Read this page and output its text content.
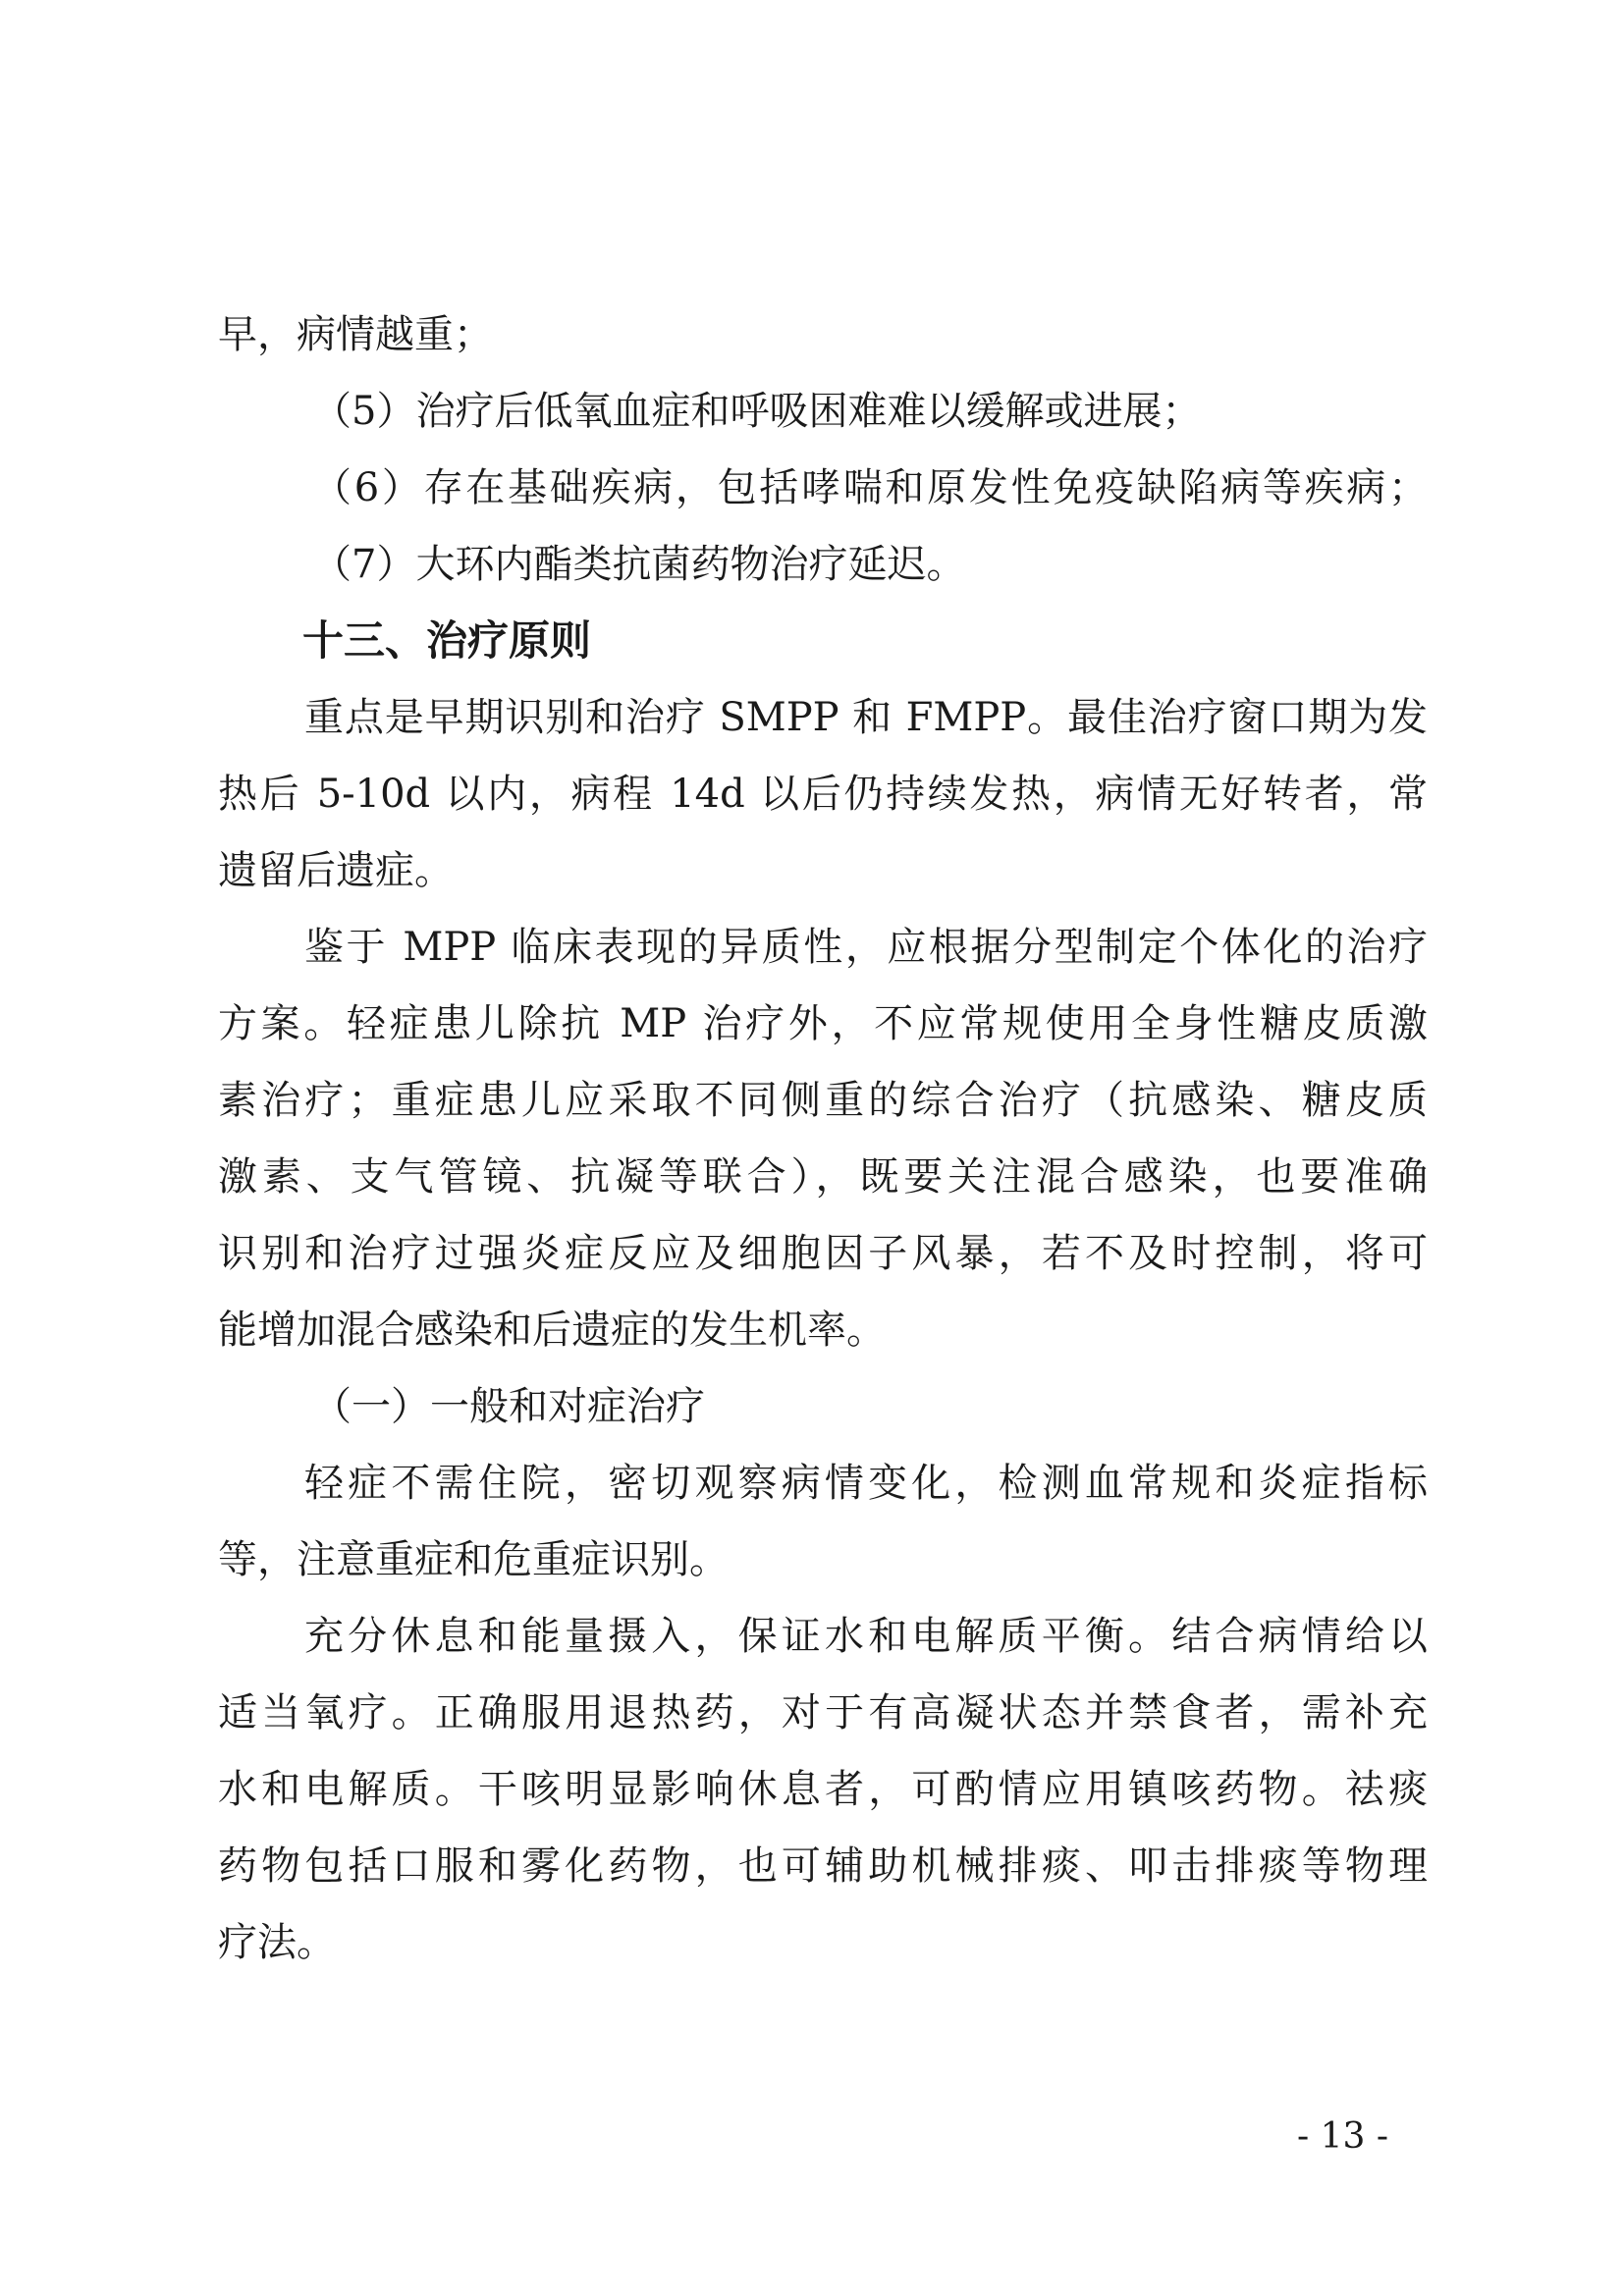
早，病情越重；

（5）治疗后低氧血症和呼吸困难难以缓解或进展；

（6）存在基础疾病，包括哮喘和原发性免疫缺陷病等疾病；

（7）大环内酯类抗菌药物治疗延迟。

十三、治疗原则

重点是早期识别和治疗 SMPP 和 FMPP。最佳治疗窗口期为发

热后 5-10d 以内，病程 14d 以后仍持续发热，病情无好转者，常

遗留后遗症。

鉴于 MPP 临床表现的异质性，应根据分型制定个体化的治疗

方案。轻症患儿除抗 MP 治疗外，不应常规使用全身性糖皮质激

素治疗；重症患儿应采取不同侧重的综合治疗（抗感染、糖皮质

激素、支气管镜、抗凝等联合），既要关注混合感染，也要准确

识别和治疗过强炎症反应及细胞因子风暴，若不及时控制，将可

能增加混合感染和后遗症的发生机率。

（一）一般和对症治疗

轻症不需住院，密切观察病情变化，检测血常规和炎症指标

等，注意重症和危重症识别。

充分休息和能量摄入，保证水和电解质平衡。结合病情给以

适当氧疗。正确服用退热药，对于有高凝状态并禁食者，需补充

水和电解质。干咳明显影响休息者，可酌情应用镇咳药物。祛痰

药物包括口服和雾化药物，也可辅助机械排痰、叩击排痰等物理

疗法。

- 13 -
